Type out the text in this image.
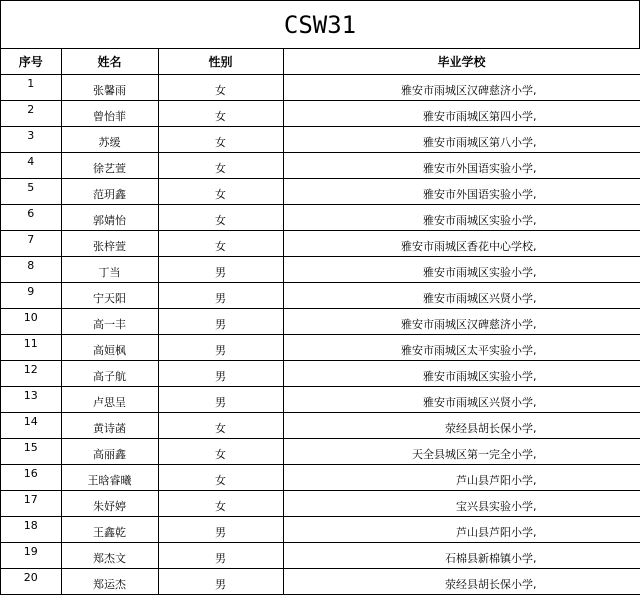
CSW31
序号	姓名	性别	毕业学校
1	张馨雨	女	雅安市雨城区汉碑慈济小学,
2	曾怡菲	女	雅安市雨城区第四小学,
3	苏缓	女	雅安市雨城区第八小学,
4	徐艺萱	女	雅安市外国语实验小学,
5	范玥鑫	女	雅安市外国语实验小学,
6	郭婧怡	女	雅安市雨城区实验小学,
7	张梓萱	女	雅安市雨城区香花中心学校,
8	丁当	男	雅安市雨城区实验小学,
9	宁天阳	男	雅安市雨城区兴贤小学,
10	高一丰	男	雅安市雨城区汉碑慈济小学,
11	高姮枫	男	雅安市雨城区太平实验小学,
12	高子航	男	雅安市雨城区实验小学,
13	卢思呈	男	雅安市雨城区兴贤小学,
14	黄诗菡	女	荥经县胡长保小学,
15	高丽鑫	女	天全县城区第一完全小学,
16	王晗睿曦	女	芦山县芦阳小学,
17	朱妤婷	女	宝兴县实验小学,
18	王鑫乾	男	芦山县芦阳小学,
19	郑杰文	男	石棉县新棉镇小学,
20	郑运杰	男	荥经县胡长保小学,
